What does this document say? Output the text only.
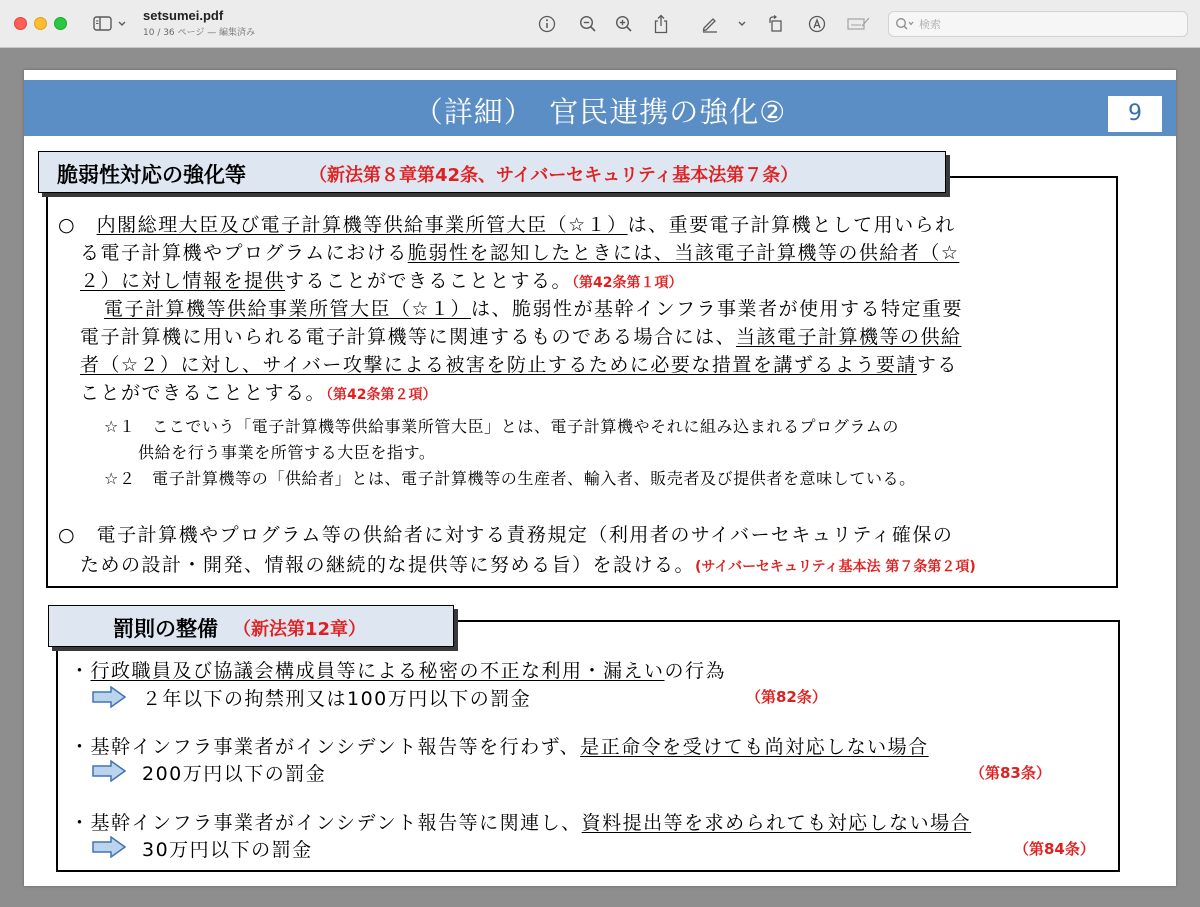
setsumei.pdf
10 / 36 ページ — 編集済み
検索
（詳細）　官民連携の強化②	9
脆弱性対応の強化等	（新法第８章第42条、サイバーセキュリティ基本法第７条）
○　内閣総理大臣及び電子計算機等供給事業所管大臣（☆１）は、重要電子計算機として用いられ
る電子計算機やプログラムにおける脆弱性を認知したときには、当該電子計算機等の供給者（☆
２）に対し情報を提供することができることとする。（第42条第１項）
電子計算機等供給事業所管大臣（☆１）は、脆弱性が基幹インフラ事業者が使用する特定重要
電子計算機に用いられる電子計算機等に関連するものである場合には、当該電子計算機等の供給
者（☆２）に対し、サイバー攻撃による被害を防止するために必要な措置を講ずるよう要請する
ことができることとする。（第42条第２項）
☆１　ここでいう「電子計算機等供給事業所管大臣」とは、電子計算機やそれに組み込まれるプログラムの
供給を行う事業を所管する大臣を指す。
☆２　電子計算機等の「供給者」とは、電子計算機等の生産者、輸入者、販売者及び提供者を意味している。
○　電子計算機やプログラム等の供給者に対する責務規定（利用者のサイバーセキュリティ確保の
ための設計・開発、情報の継続的な提供等に努める旨）を設ける。(サイバーセキュリティ基本法 第７条第２項)
罰則の整備 （新法第12章）
・行政職員及び協議会構成員等による秘密の不正な利用・漏えいの行為
２年以下の拘禁刑又は100万円以下の罰金	（第82条）
・基幹インフラ事業者がインシデント報告等を行わず、是正命令を受けても尚対応しない場合
200万円以下の罰金	（第83条）
・基幹インフラ事業者がインシデント報告等に関連し、資料提出等を求められても対応しない場合
30万円以下の罰金	（第84条）
